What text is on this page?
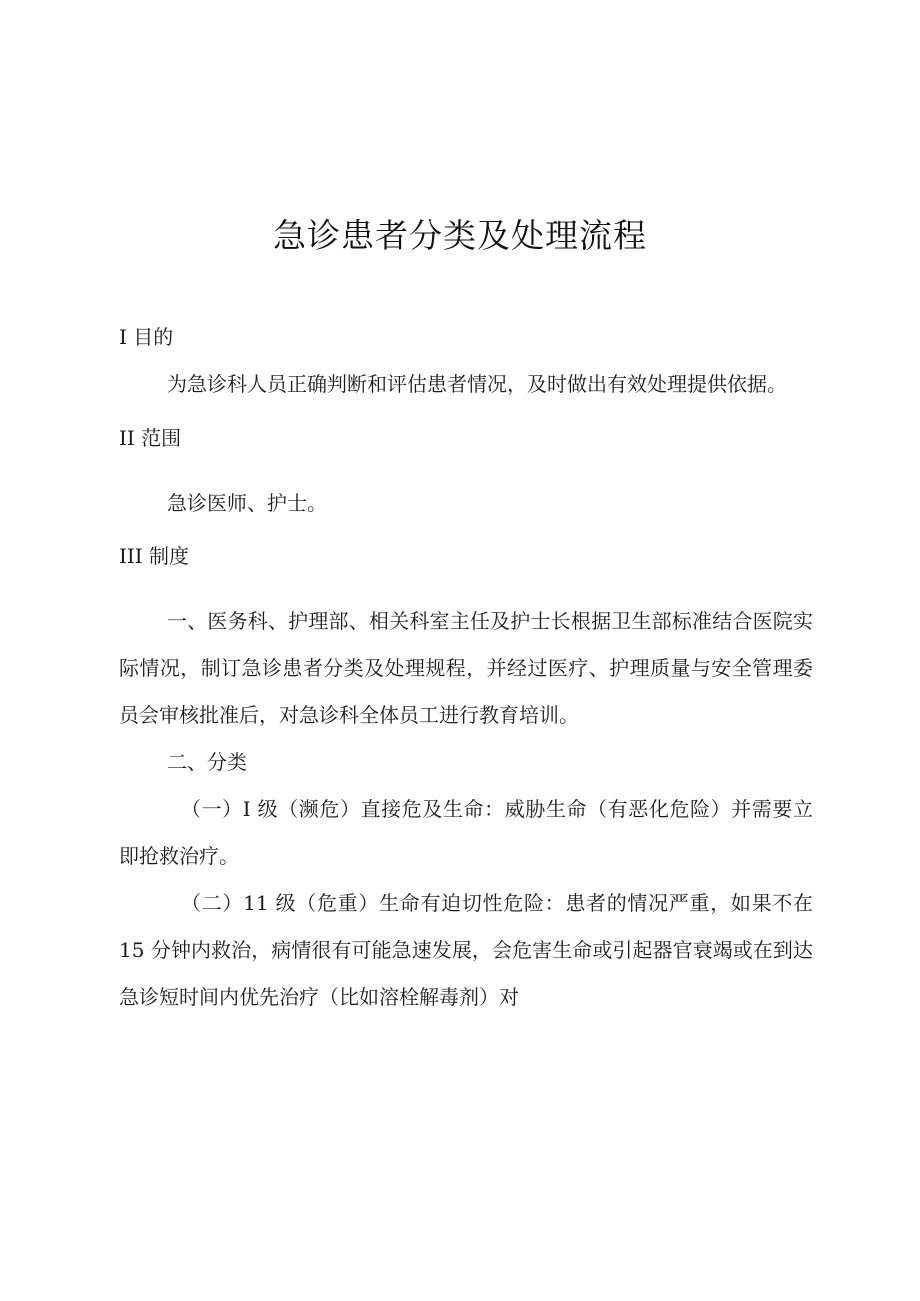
急诊患者分类及处理流程
I 目的
为急诊科人员正确判断和评估患者情况，及时做出有效处理提供依据。
II 范围
急诊医师、护士。
III 制度
一、医务科、护理部、相关科室主任及护士长根据卫生部标准结合医院实际情况，制订急诊患者分类及处理规程，并经过医疗、护理质量与安全管理委员会审核批准后，对急诊科全体员工进行教育培训。
二、分类
（一）I 级（濒危）直接危及生命：威胁生命（有恶化危险）并需要立即抢救治疗。
（二）11 级（危重）生命有迫切性危险：患者的情况严重，如果不在 15 分钟内救治，病情很有可能急速发展，会危害生命或引起器官衰竭或在到达急诊短时间内优先治疗（比如溶栓解毒剂）对
